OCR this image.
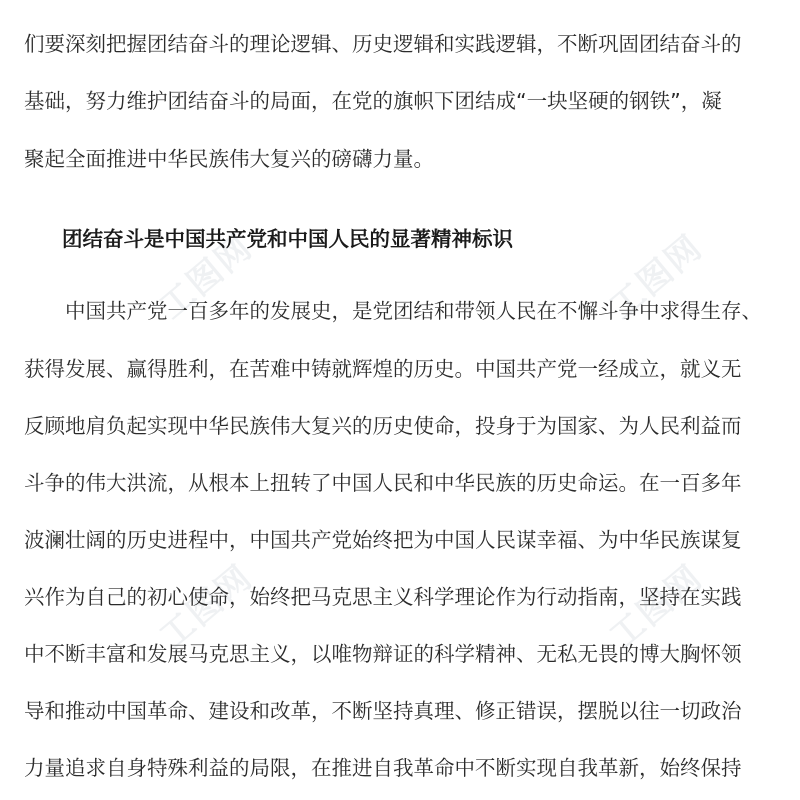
工图网	工图网
工图网	工图网
们要深刻把握团结奋斗的理论逻辑、历史逻辑和实践逻辑，不断巩固团结奋斗的
基础，努力维护团结奋斗的局面，在党的旗帜下团结成“一块坚硬的钢铁”，凝
聚起全面推进中华民族伟大复兴的磅礴力量。
团结奋斗是中国共产党和中国人民的显著精神标识
　　中国共产党一百多年的发展史，是党团结和带领人民在不懈斗争中求得生存、
获得发展、赢得胜利，在苦难中铸就辉煌的历史。中国共产党一经成立，就义无
反顾地肩负起实现中华民族伟大复兴的历史使命，投身于为国家、为人民利益而
斗争的伟大洪流，从根本上扭转了中国人民和中华民族的历史命运。在一百多年
波澜壮阔的历史进程中，中国共产党始终把为中国人民谋幸福、为中华民族谋复
兴作为自己的初心使命，始终把马克思主义科学理论作为行动指南，坚持在实践
中不断丰富和发展马克思主义，以唯物辩证的科学精神、无私无畏的博大胸怀领
导和推动中国革命、建设和改革，不断坚持真理、修正错误，摆脱以往一切政治
力量追求自身特殊利益的局限，在推进自我革命中不断实现自我革新，始终保持
